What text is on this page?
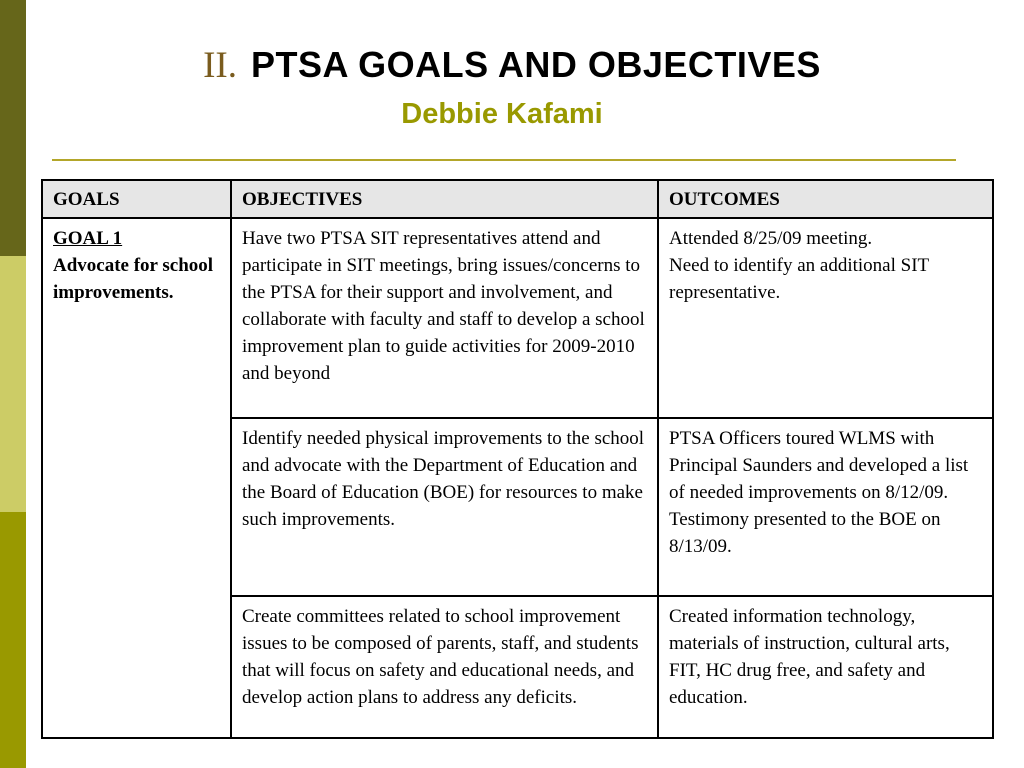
II. PTSA GOALS AND OBJECTIVES
Debbie Kafami
GOALS	OBJECTIVES	OUTCOMES

GOAL 1
Advocate for school improvements.	Have two PTSA SIT representatives attend and participate in SIT meetings, bring issues/concerns to the PTSA for their support and involvement, and collaborate with faculty and staff to develop a school improvement plan to guide activities for 2009-2010 and beyond	Attended 8/25/09 meeting.
Need to identify an additional SIT representative.

	Identify needed physical improvements to the school and advocate with the Department of Education and the Board of Education (BOE) for resources to make such improvements.	PTSA Officers toured WLMS with Principal Saunders and developed a list of needed improvements on 8/12/09.
Testimony presented to the BOE on 8/13/09.

	Create committees related to school improvement issues to be composed of parents, staff, and students that will focus on safety and educational needs, and develop action plans to address any deficits.	Created information technology, materials of instruction, cultural arts, FIT, HC drug free, and safety and education.
